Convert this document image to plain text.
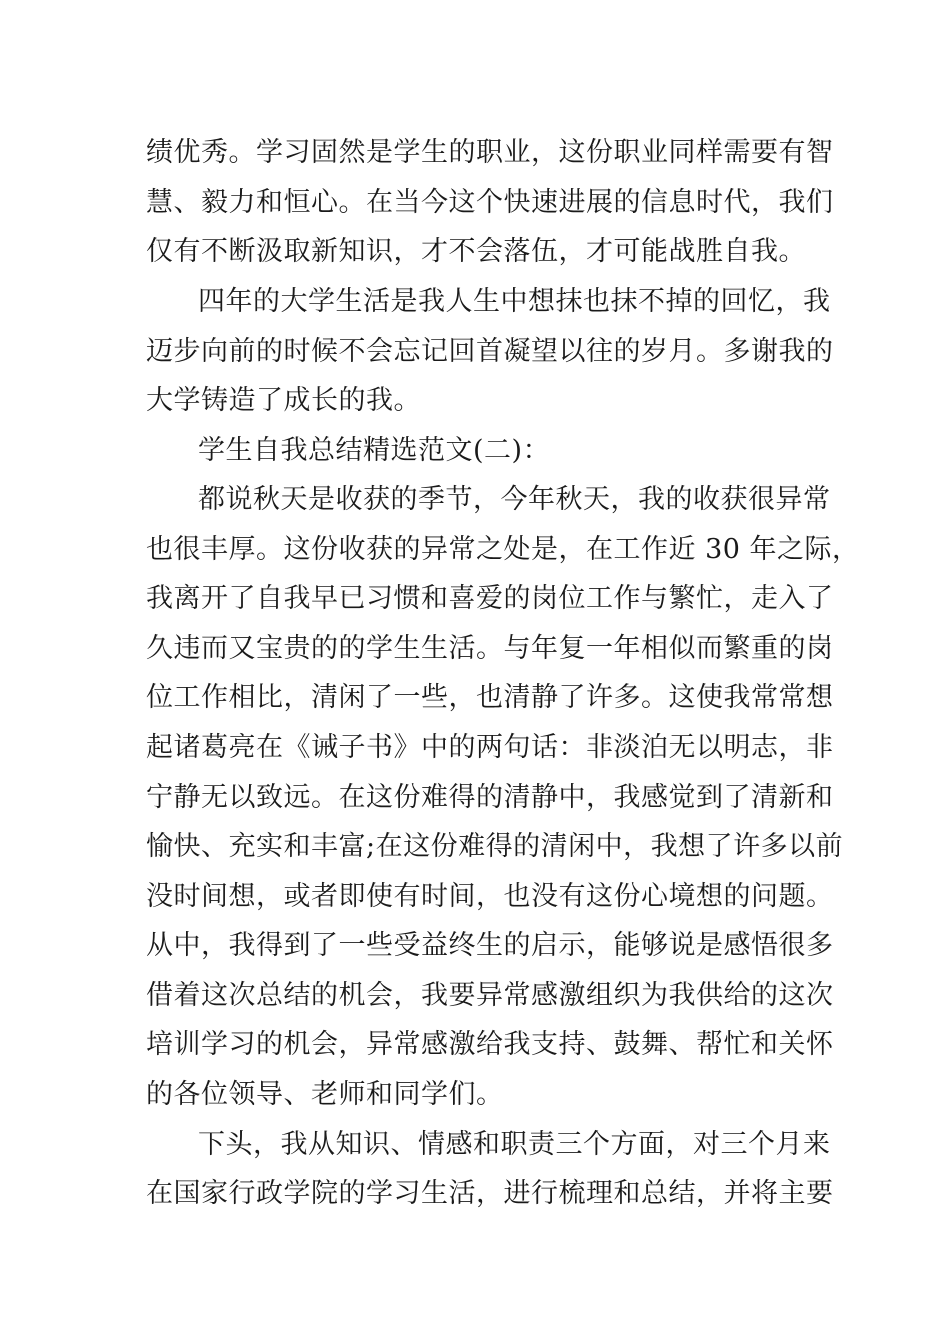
绩优秀。学习固然是学生的职业，这份职业同样需要有智
慧、毅力和恒心。在当今这个快速进展的信息时代，我们
仅有不断汲取新知识，才不会落伍，才可能战胜自我。
四年的大学生活是我人生中想抹也抹不掉的回忆，我
迈步向前的时候不会忘记回首凝望以往的岁月。多谢我的
大学铸造了成长的我。
学生自我总结精选范文(二)：
都说秋天是收获的季节，今年秋天，我的收获很异常
也很丰厚。这份收获的异常之处是，在工作近 30 年之际，
我离开了自我早已习惯和喜爱的岗位工作与繁忙，走入了
久违而又宝贵的的学生生活。与年复一年相似而繁重的岗
位工作相比，清闲了一些，也清静了许多。这使我常常想
起诸葛亮在《诫子书》中的两句话：非淡泊无以明志，非
宁静无以致远。在这份难得的清静中，我感觉到了清新和
愉快、充实和丰富;在这份难得的清闲中，我想了许多以前
没时间想，或者即使有时间，也没有这份心境想的问题。
从中，我得到了一些受益终生的启示，能够说是感悟很多
借着这次总结的机会，我要异常感激组织为我供给的这次
培训学习的机会，异常感激给我支持、鼓舞、帮忙和关怀
的各位领导、老师和同学们。
下头，我从知识、情感和职责三个方面，对三个月来
在国家行政学院的学习生活，进行梳理和总结，并将主要
